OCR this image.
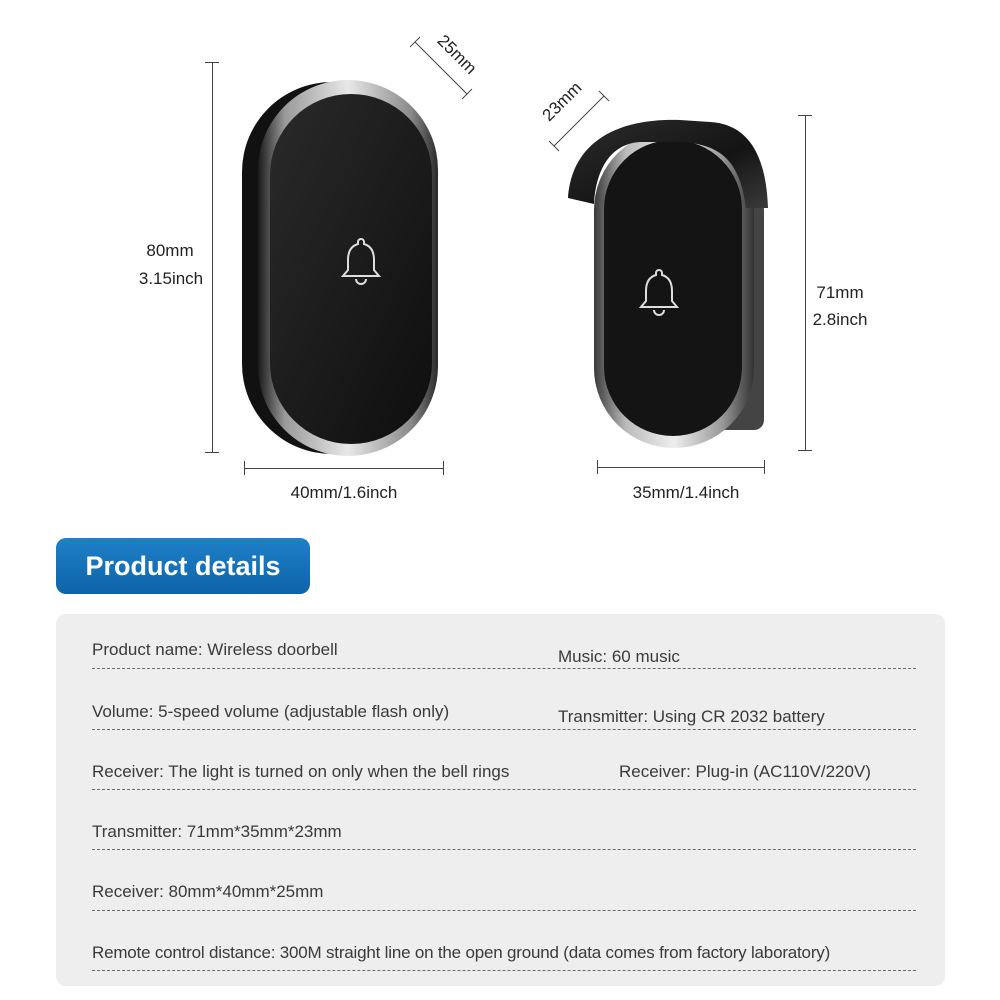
80mm
3.15inch
40mm/1.6inch
25mm
71mm
2.8inch
35mm/1.4inch
23mm
Product details
Product name: Wireless doorbell	Music: 60 music
Volume: 5-speed volume (adjustable flash only)	Transmitter: Using CR 2032 battery
Receiver: The light is turned on only when the bell rings	Receiver: Plug-in (AC110V/220V)
Transmitter: 71mm*35mm*23mm
Receiver: 80mm*40mm*25mm
Remote control distance: 300M straight line on the open ground (data comes from factory laboratory)
